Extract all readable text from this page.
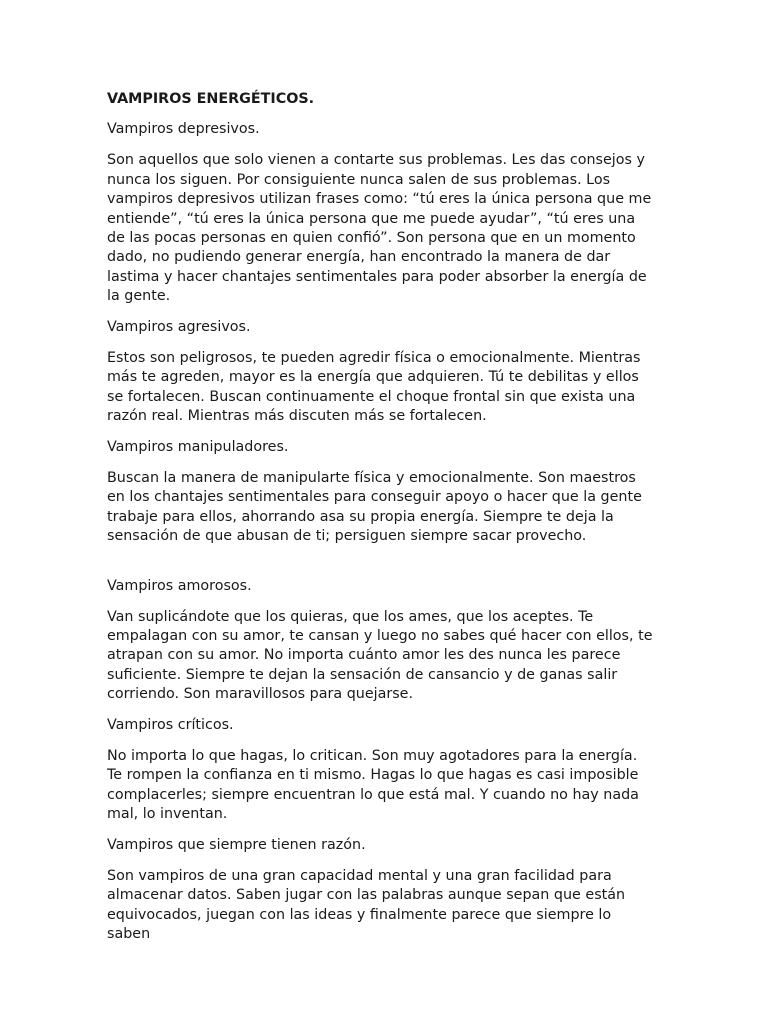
VAMPIROS ENERGÉTICOS.
Vampiros depresivos.
Son aquellos que solo vienen a contarte sus problemas. Les das consejos y nunca los siguen. Por consiguiente nunca salen de sus problemas. Los vampiros depresivos utilizan frases como: “tú eres la única persona que me entiende”, “tú eres la única persona que me puede ayudar”, “tú eres una de las pocas personas en quien confió”. Son persona que en un momento dado, no pudiendo generar energía, han encontrado la manera de dar lastima y hacer chantajes sentimentales para poder absorber la energía de la gente.
Vampiros agresivos.
Estos son peligrosos, te pueden agredir física o emocionalmente. Mientras más te agreden, mayor es la energía que adquieren. Tú te debilitas y ellos se fortalecen. Buscan continuamente el choque frontal sin que exista una razón real. Mientras más discuten más se fortalecen.
Vampiros manipuladores.
Buscan la manera de manipularte física y emocionalmente. Son maestros en los chantajes sentimentales para conseguir apoyo o hacer que la gente trabaje para ellos, ahorrando asa su propia energía. Siempre te deja la sensación de que abusan de ti; persiguen siempre sacar provecho.
Vampiros amorosos.
Van suplicándote que los quieras, que los ames, que los aceptes. Te empalagan con su amor, te cansan y luego no sabes qué hacer con ellos, te atrapan con su amor. No importa cuánto amor les des nunca les parece suficiente. Siempre te dejan la sensación de cansancio y de ganas salir corriendo. Son maravillosos para quejarse.
Vampiros críticos.
No importa lo que hagas, lo critican. Son muy agotadores para la energía. Te rompen la confianza en ti mismo. Hagas lo que hagas es casi imposible complacerles; siempre encuentran lo que está mal. Y cuando no hay nada mal, lo inventan.
Vampiros que siempre tienen razón.
Son vampiros de una gran capacidad mental y una gran facilidad para almacenar datos. Saben jugar con las palabras aunque sepan que están equivocados, juegan con las ideas y finalmente parece que siempre lo saben
